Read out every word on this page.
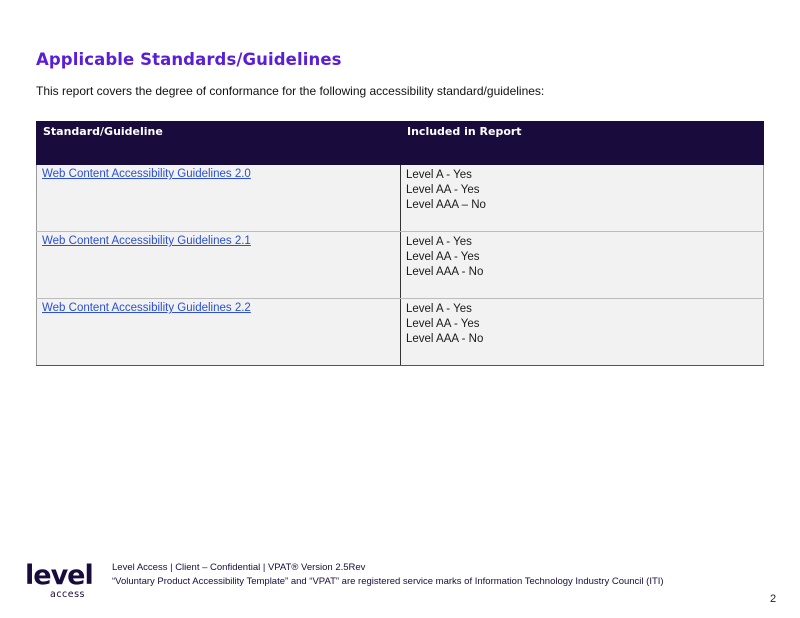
Applicable Standards/Guidelines
This report covers the degree of conformance for the following accessibility standard/guidelines:
Standard/Guideline	Included in Report
Web Content Accessibility Guidelines 2.0	Level A - Yes
Level AA - Yes
Level AAA – No

Web Content Accessibility Guidelines 2.1	Level A - Yes
Level AA - Yes
Level AAA - No

Web Content Accessibility Guidelines 2.2	Level A - Yes
Level AA - Yes
Level AAA - No
level
access
Level Access | Client – Confidential | VPAT® Version 2.5Rev
“Voluntary Product Accessibility Template” and “VPAT” are registered service marks of Information Technology Industry Council (ITI)
2
